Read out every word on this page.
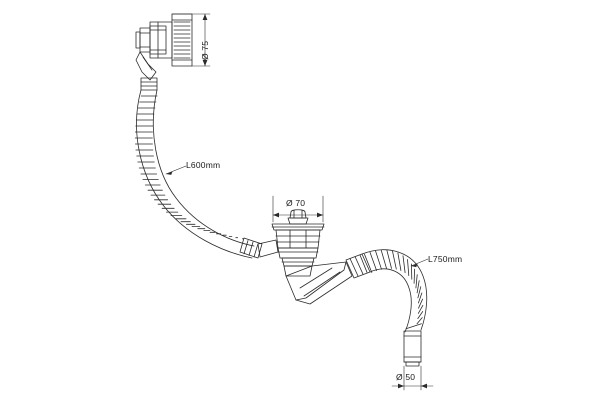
Ø 75
L600mm
Ø 70
L750mm
Ø 50
